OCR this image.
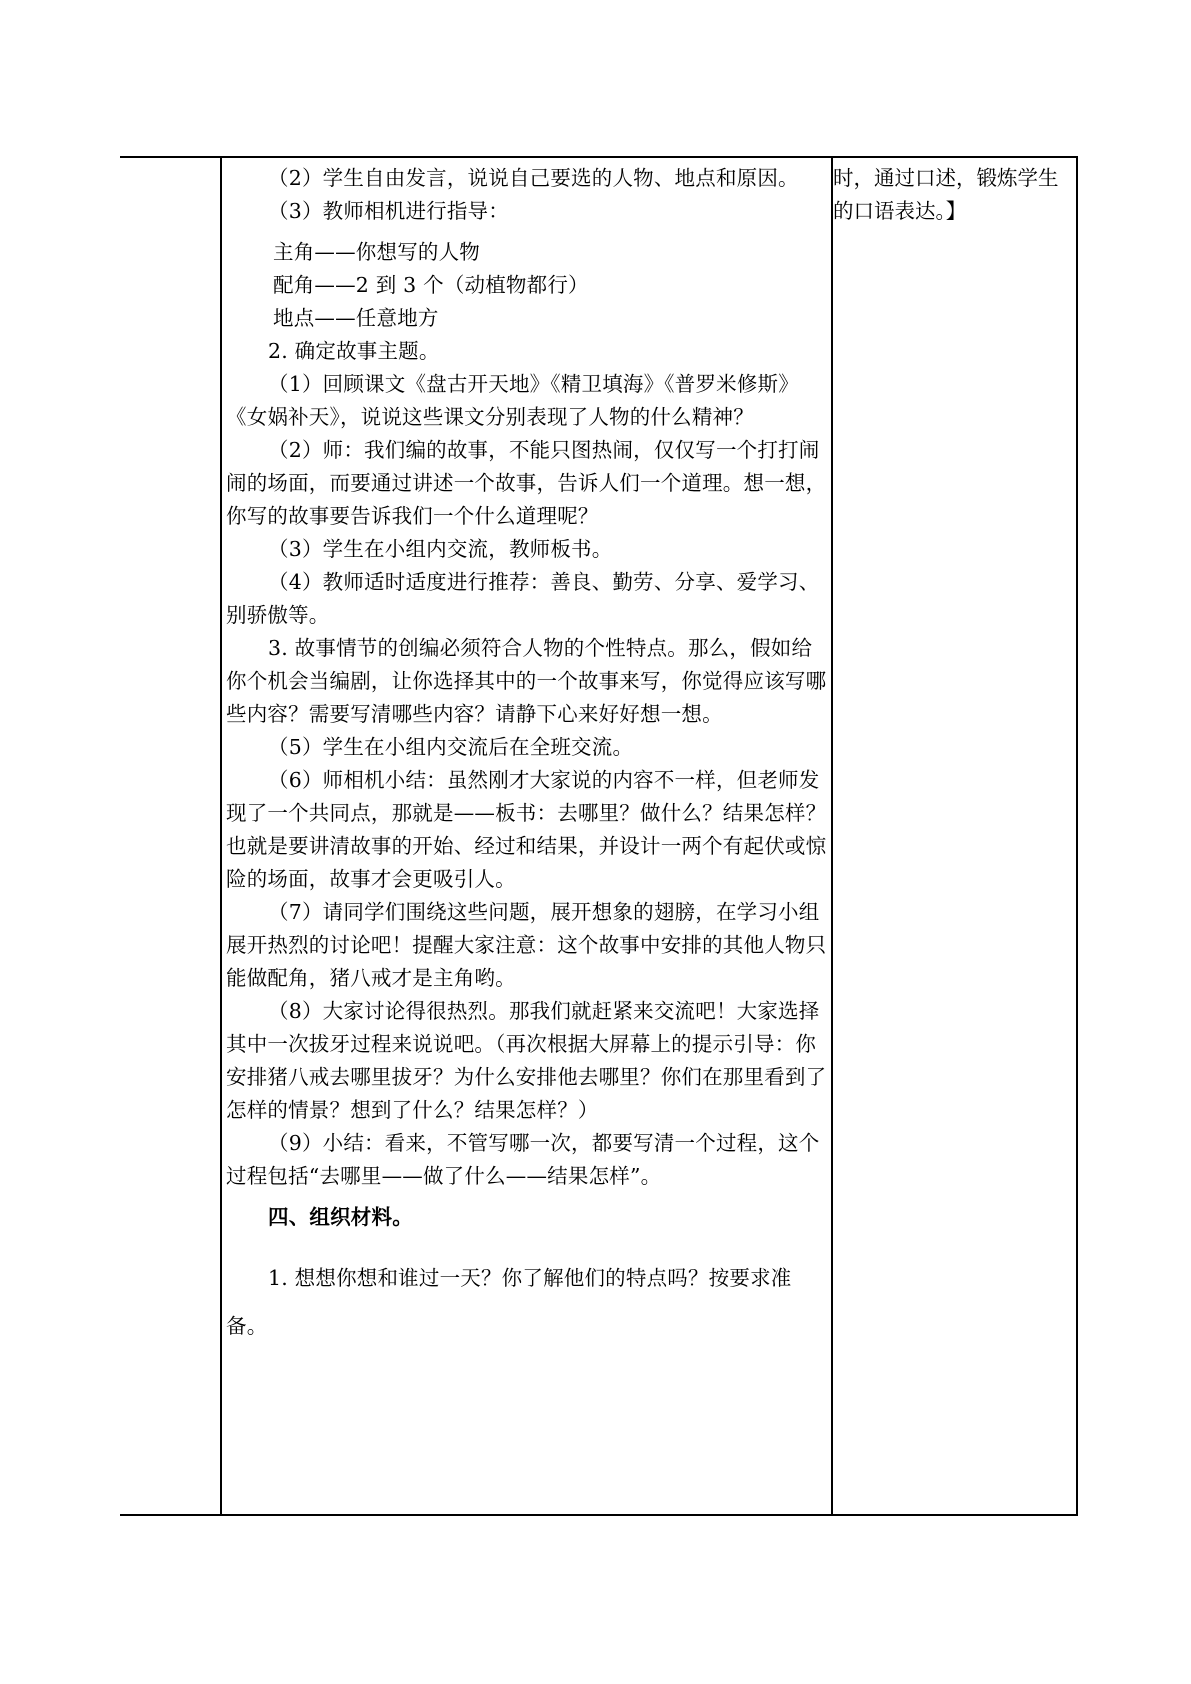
（2）学生自由发言，说说自己要选的人物、地点和原因。

（3）教师相机进行指导：

主角——你想写的人物

配角——2 到 3 个（动植物都行）

地点——任意地方

2. 确定故事主题。

（1）回顾课文《盘古开天地》《精卫填海》《普罗米修斯》《女娲补天》，说说这些课文分别表现了人物的什么精神？

（2）师：我们编的故事，不能只图热闹，仅仅写一个打打闹闹的场面，而要通过讲述一个故事，告诉人们一个道理。想一想，你写的故事要告诉我们一个什么道理呢？

（3）学生在小组内交流，教师板书。

（4）教师适时适度进行推荐：善良、勤劳、分享、爱学习、别骄傲等。

3. 故事情节的创编必须符合人物的个性特点。那么，假如给你个机会当编剧，让你选择其中的一个故事来写，你觉得应该写哪些内容？需要写清哪些内容？请静下心来好好想一想。

（5）学生在小组内交流后在全班交流。

（6）师相机小结：虽然刚才大家说的内容不一样，但老师发现了一个共同点，那就是——板书：去哪里？做什么？结果怎样？也就是要讲清故事的开始、经过和结果，并设计一两个有起伏或惊险的场面，故事才会更吸引人。

（7）请同学们围绕这些问题，展开想象的翅膀，在学习小组展开热烈的讨论吧！提醒大家注意：这个故事中安排的其他人物只能做配角，猪八戒才是主角哟。

（8）大家讨论得很热烈。那我们就赶紧来交流吧！大家选择其中一次拔牙过程来说说吧。（再次根据大屏幕上的提示引导：你安排猪八戒去哪里拔牙？为什么安排他去哪里？你们在那里看到了怎样的情景？想到了什么？结果怎样？）

（9）小结：看来，不管写哪一次，都要写清一个过程，这个过程包括“去哪里——做了什么——结果怎样”。

四、组织材料。

1. 想想你想和谁过一天？你了解他们的特点吗？按要求准备。

时，通过口述，锻炼学生的口语表达。】
